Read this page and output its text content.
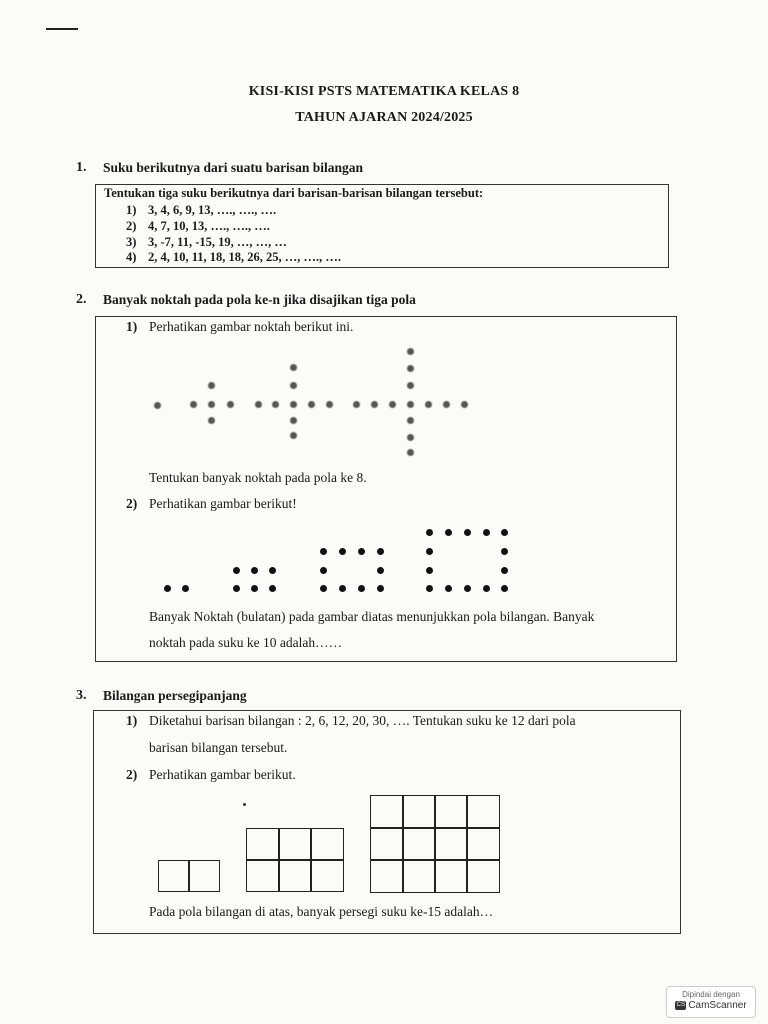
KISI-KISI PSTS MATEMATIKA KELAS 8
TAHUN AJARAN 2024/2025
1. Suku berikutnya dari suatu barisan bilangan
Tentukan tiga suku berikutnya dari barisan-barisan bilangan tersebut:
1) 3, 4, 6, 9, 13, …., …., ….
2) 4, 7, 10, 13, …., …., ….
3) 3, -7, 11, -15, 19, …, …, …
4) 2, 4, 10, 11, 18, 18, 26, 25, …, …., ….
2. Banyak noktah pada pola ke-n jika disajikan tiga pola
1) Perhatikan gambar noktah berikut ini.
Tentukan banyak noktah pada pola ke 8.
2) Perhatikan gambar berikut!
Banyak Noktah (bulatan) pada gambar diatas menunjukkan pola bilangan. Banyak
noktah pada suku ke 10 adalah……
3. Bilangan persegipanjang
1) Diketahui barisan bilangan : 2, 6, 12, 20, 30, …. Tentukan suku ke 12 dari pola
barisan bilangan tersebut.
2) Perhatikan gambar berikut.
Pada pola bilangan di atas, banyak persegi suku ke-15 adalah…
Dipindai dengan
CS CamScanner
